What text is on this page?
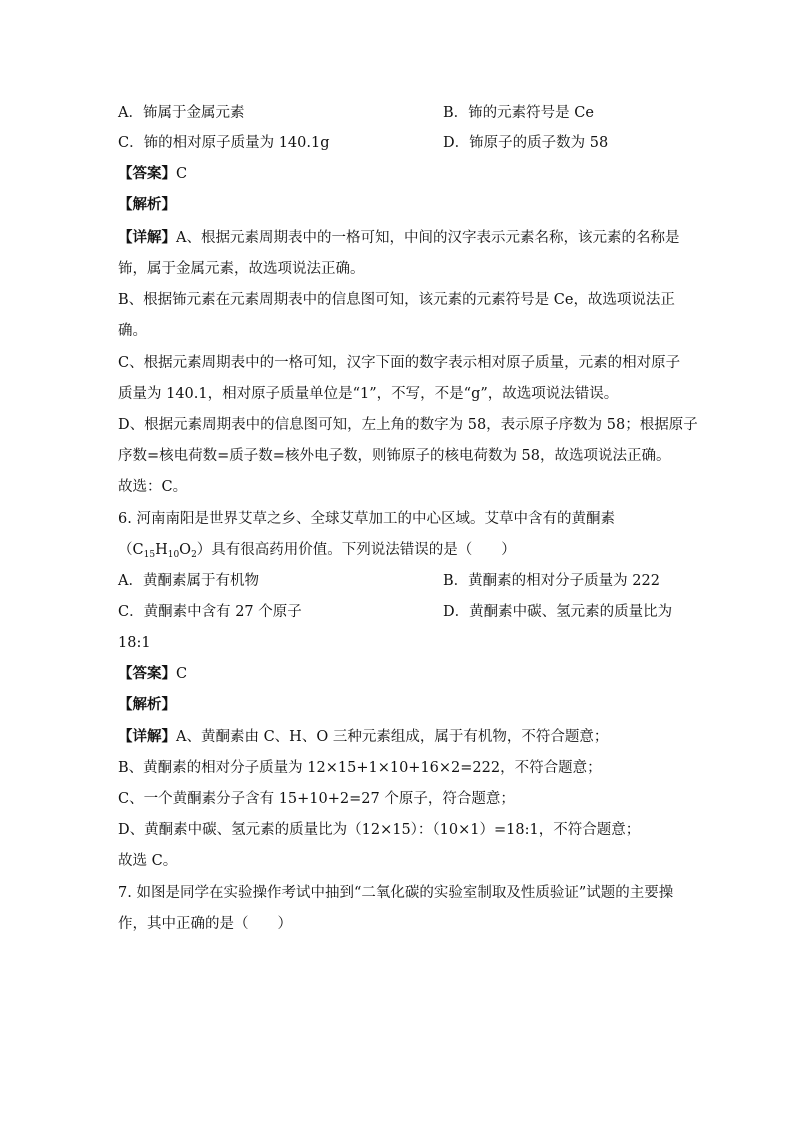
A．钸属于金属元素	B．钸的元素符号是 Ce
C．钸的相对原子质量为 140.1g	D．钸原子的质子数为 58
【答案】C
【解析】
【详解】A、根据元素周期表中的一格可知，中间的汉字表示元素名称，该元素的名称是
钸，属于金属元素，故选项说法正确。
B、根据钸元素在元素周期表中的信息图可知，该元素的元素符号是 Ce，故选项说法正
确。
C、根据元素周期表中的一格可知，汉字下面的数字表示相对原子质量，元素的相对原子
质量为 140.1，相对原子质量单位是“1”，不写，不是“g”，故选项说法错误。
D、根据元素周期表中的信息图可知，左上角的数字为 58，表示原子序数为 58；根据原子
序数=核电荷数=质子数=核外电子数，则钸原子的核电荷数为 58，故选项说法正确。
故选：C。
6. 河南南阳是世界艾草之乡、全球艾草加工的中心区域。艾草中含有的黄酮素
$(C_{15}H_{10}O_2)$具有很高药用价值。下列说法错误的是（　　）
A．黄酮素属于有机物	B．黄酮素的相对分子质量为 222
C．黄酮素中含有 27 个原子	D．黄酮素中碳、氢元素的质量比为
18:1
【答案】C
【解析】
【详解】A、黄酮素由 C、H、O 三种元素组成，属于有机物，不符合题意；
B、黄酮素的相对分子质量为 12×15+1×10+16×2=222，不符合题意；
C、一个黄酮素分子含有 15+10+2=27 个原子，符合题意；
D、黄酮素中碳、氢元素的质量比为（12×15）：（10×1）=18:1，不符合题意；
故选 C。
7. 如图是同学在实验操作考试中抽到“二氧化碳的实验室制取及性质验证”试题的主要操
作，其中正确的是（　　）
